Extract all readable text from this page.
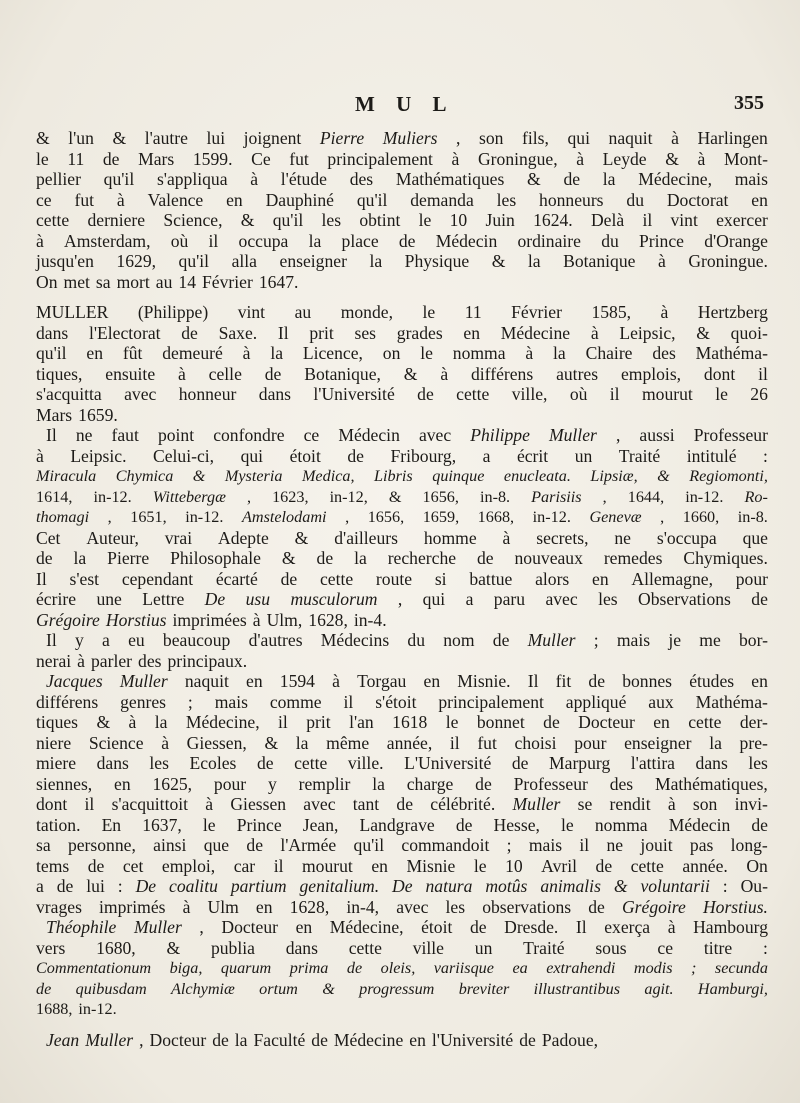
M U L	355
& l'un & l'autre lui joignent Pierre Muliers , son fils, qui naquit à Harlingen
le 11 de Mars 1599. Ce fut principalement à Groningue, à Leyde & à Mont-
pellier qu'il s'appliqua à l'étude des Mathématiques & de la Médecine, mais
ce fut à Valence en Dauphiné qu'il demanda les honneurs du Doctorat en
cette derniere Science, & qu'il les obtint le 10 Juin 1624. Delà il vint exercer
à Amsterdam, où il occupa la place de Médecin ordinaire du Prince d'Orange
jusqu'en 1629, qu'il alla enseigner la Physique & la Botanique à Groningue.
On met sa mort au 14 Février 1647.
MULLER (Philippe) vint au monde, le 11 Février 1585, à Hertzberg
dans l'Electorat de Saxe. Il prit ses grades en Médecine à Leipsic, & quoi-
qu'il en fût demeuré à la Licence, on le nomma à la Chaire des Mathéma-
tiques, ensuite à celle de Botanique, & à différens autres emplois, dont il
s'acquitta avec honneur dans l'Université de cette ville, où il mourut le 26
Mars 1659.
Il ne faut point confondre ce Médecin avec Philippe Muller , aussi Professeur
à Leipsic. Celui-ci, qui étoit de Fribourg, a écrit un Traité intitulé :
Miracula Chymica & Mysteria Medica, Libris quinque enucleata. Lipsiæ, & Regiomonti,
1614, in-12. Wittebergæ , 1623, in-12, & 1656, in-8. Parisiis , 1644, in-12. Ro-
thomagi , 1651, in-12. Amstelodami , 1656, 1659, 1668, in-12. Genevæ , 1660, in-8.
Cet Auteur, vrai Adepte & d'ailleurs homme à secrets, ne s'occupa que
de la Pierre Philosophale & de la recherche de nouveaux remedes Chymiques.
Il s'est cependant écarté de cette route si battue alors en Allemagne, pour
écrire une Lettre De usu musculorum , qui a paru avec les Observations de
Grégoire Horstius imprimées à Ulm, 1628, in-4.
Il y a eu beaucoup d'autres Médecins du nom de Muller ; mais je me bor-
nerai à parler des principaux.
Jacques Muller naquit en 1594 à Torgau en Misnie. Il fit de bonnes études en
différens genres ; mais comme il s'étoit principalement appliqué aux Mathéma-
tiques & à la Médecine, il prit l'an 1618 le bonnet de Docteur en cette der-
niere Science à Giessen, & la même année, il fut choisi pour enseigner la pre-
miere dans les Ecoles de cette ville. L'Université de Marpurg l'attira dans les
siennes, en 1625, pour y remplir la charge de Professeur des Mathématiques,
dont il s'acquittoit à Giessen avec tant de célébrité. Muller se rendit à son invi-
tation. En 1637, le Prince Jean, Landgrave de Hesse, le nomma Médecin de
sa personne, ainsi que de l'Armée qu'il commandoit ; mais il ne jouit pas long-
tems de cet emploi, car il mourut en Misnie le 10 Avril de cette année. On
a de lui : De coalitu partium genitalium. De natura motûs animalis & voluntarii : Ou-
vrages imprimés à Ulm en 1628, in-4, avec les observations de Grégoire Horstius.
Théophile Muller , Docteur en Médecine, étoit de Dresde. Il exerça à Hambourg
vers 1680, & publia dans cette ville un Traité sous ce titre :
Commentationum biga, quarum prima de oleis, variisque ea extrahendi modis ; secunda
de quibusdam Alchymiæ ortum & progressum breviter illustrantibus agit. Hamburgi,
1688, in-12.
Jean Muller , Docteur de la Faculté de Médecine en l'Université de Padoue,
